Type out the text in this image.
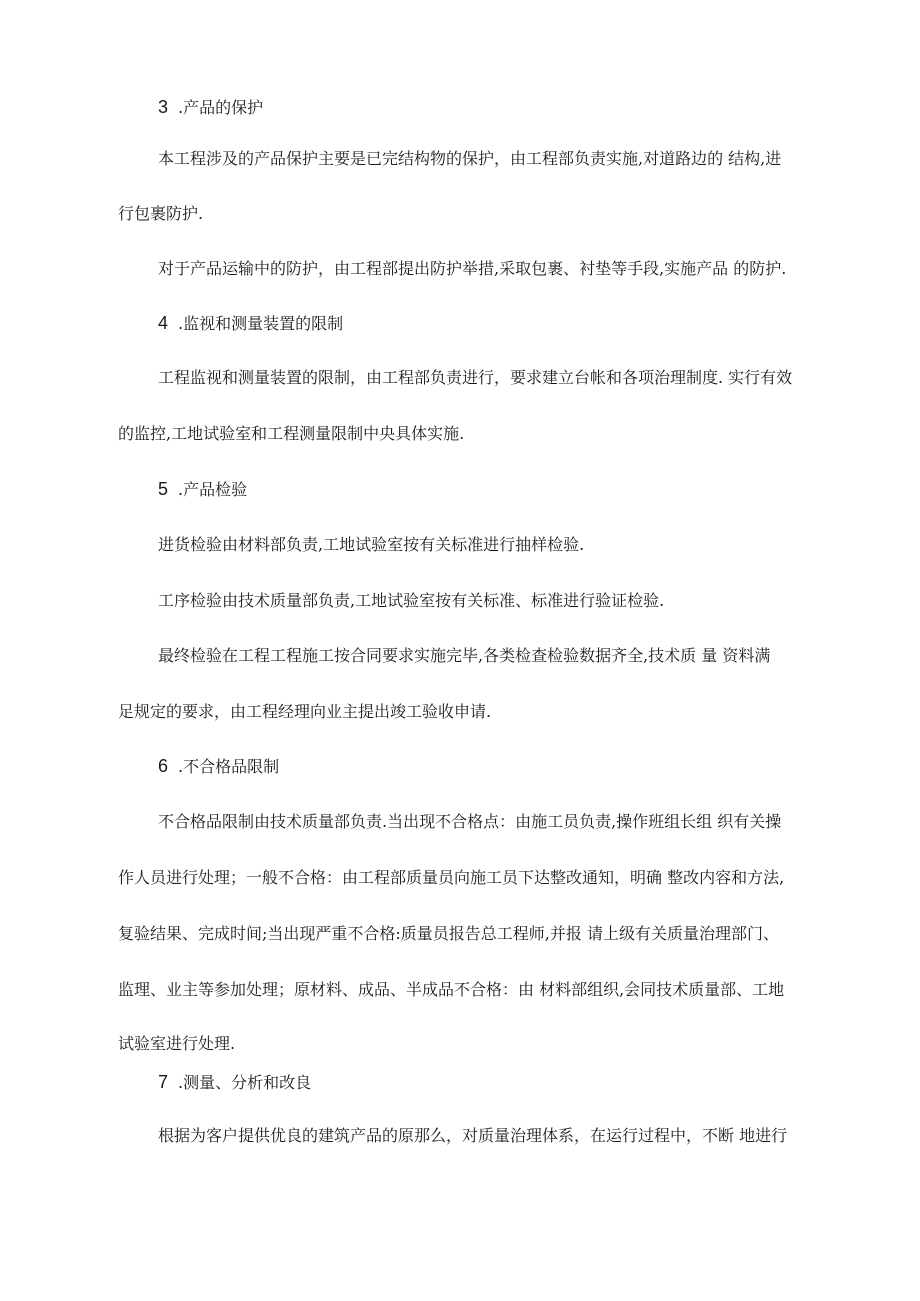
3 .产品的保护
本工程涉及的产品保护主要是已完结构物的保护，由工程部负责实施,对道路边的 结构,进
行包裹防护.
对于产品运输中的防护，由工程部提出防护举措,采取包裹、衬垫等手段,实施产品 的防护.
4 .监视和测量装置的限制
工程监视和测量装置的限制，由工程部负责进行，要求建立台帐和各项治理制度. 实行有效
的监控,工地试验室和工程测量限制中央具体实施.
5 .产品检验
进货检验由材料部负责,工地试验室按有关标准进行抽样检验.
工序检验由技术质量部负责,工地试验室按有关标准、标准进行验证检验.
最终检验在工程工程施工按合同要求实施完毕,各类检查检验数据齐全,技术质 量 资料满
足规定的要求，由工程经理向业主提出竣工验收申请.
6 .不合格品限制
不合格品限制由技术质量部负责.当出现不合格点：由施工员负责,操作班组长组 织有关操
作人员进行处理；一般不合格：由工程部质量员向施工员下达整改通知，明确 整改内容和方法,
复验结果、完成时间;当出现严重不合格:质量员报告总工程师,并报 请上级有关质量治理部门、
监理、业主等参加处理；原材料、成品、半成品不合格：由 材料部组织,会同技术质量部、工地
试验室进行处理.
7 .测量、分析和改良
根据为客户提供优良的建筑产品的原那么，对质量治理体系，在运行过程中，不断 地进行
